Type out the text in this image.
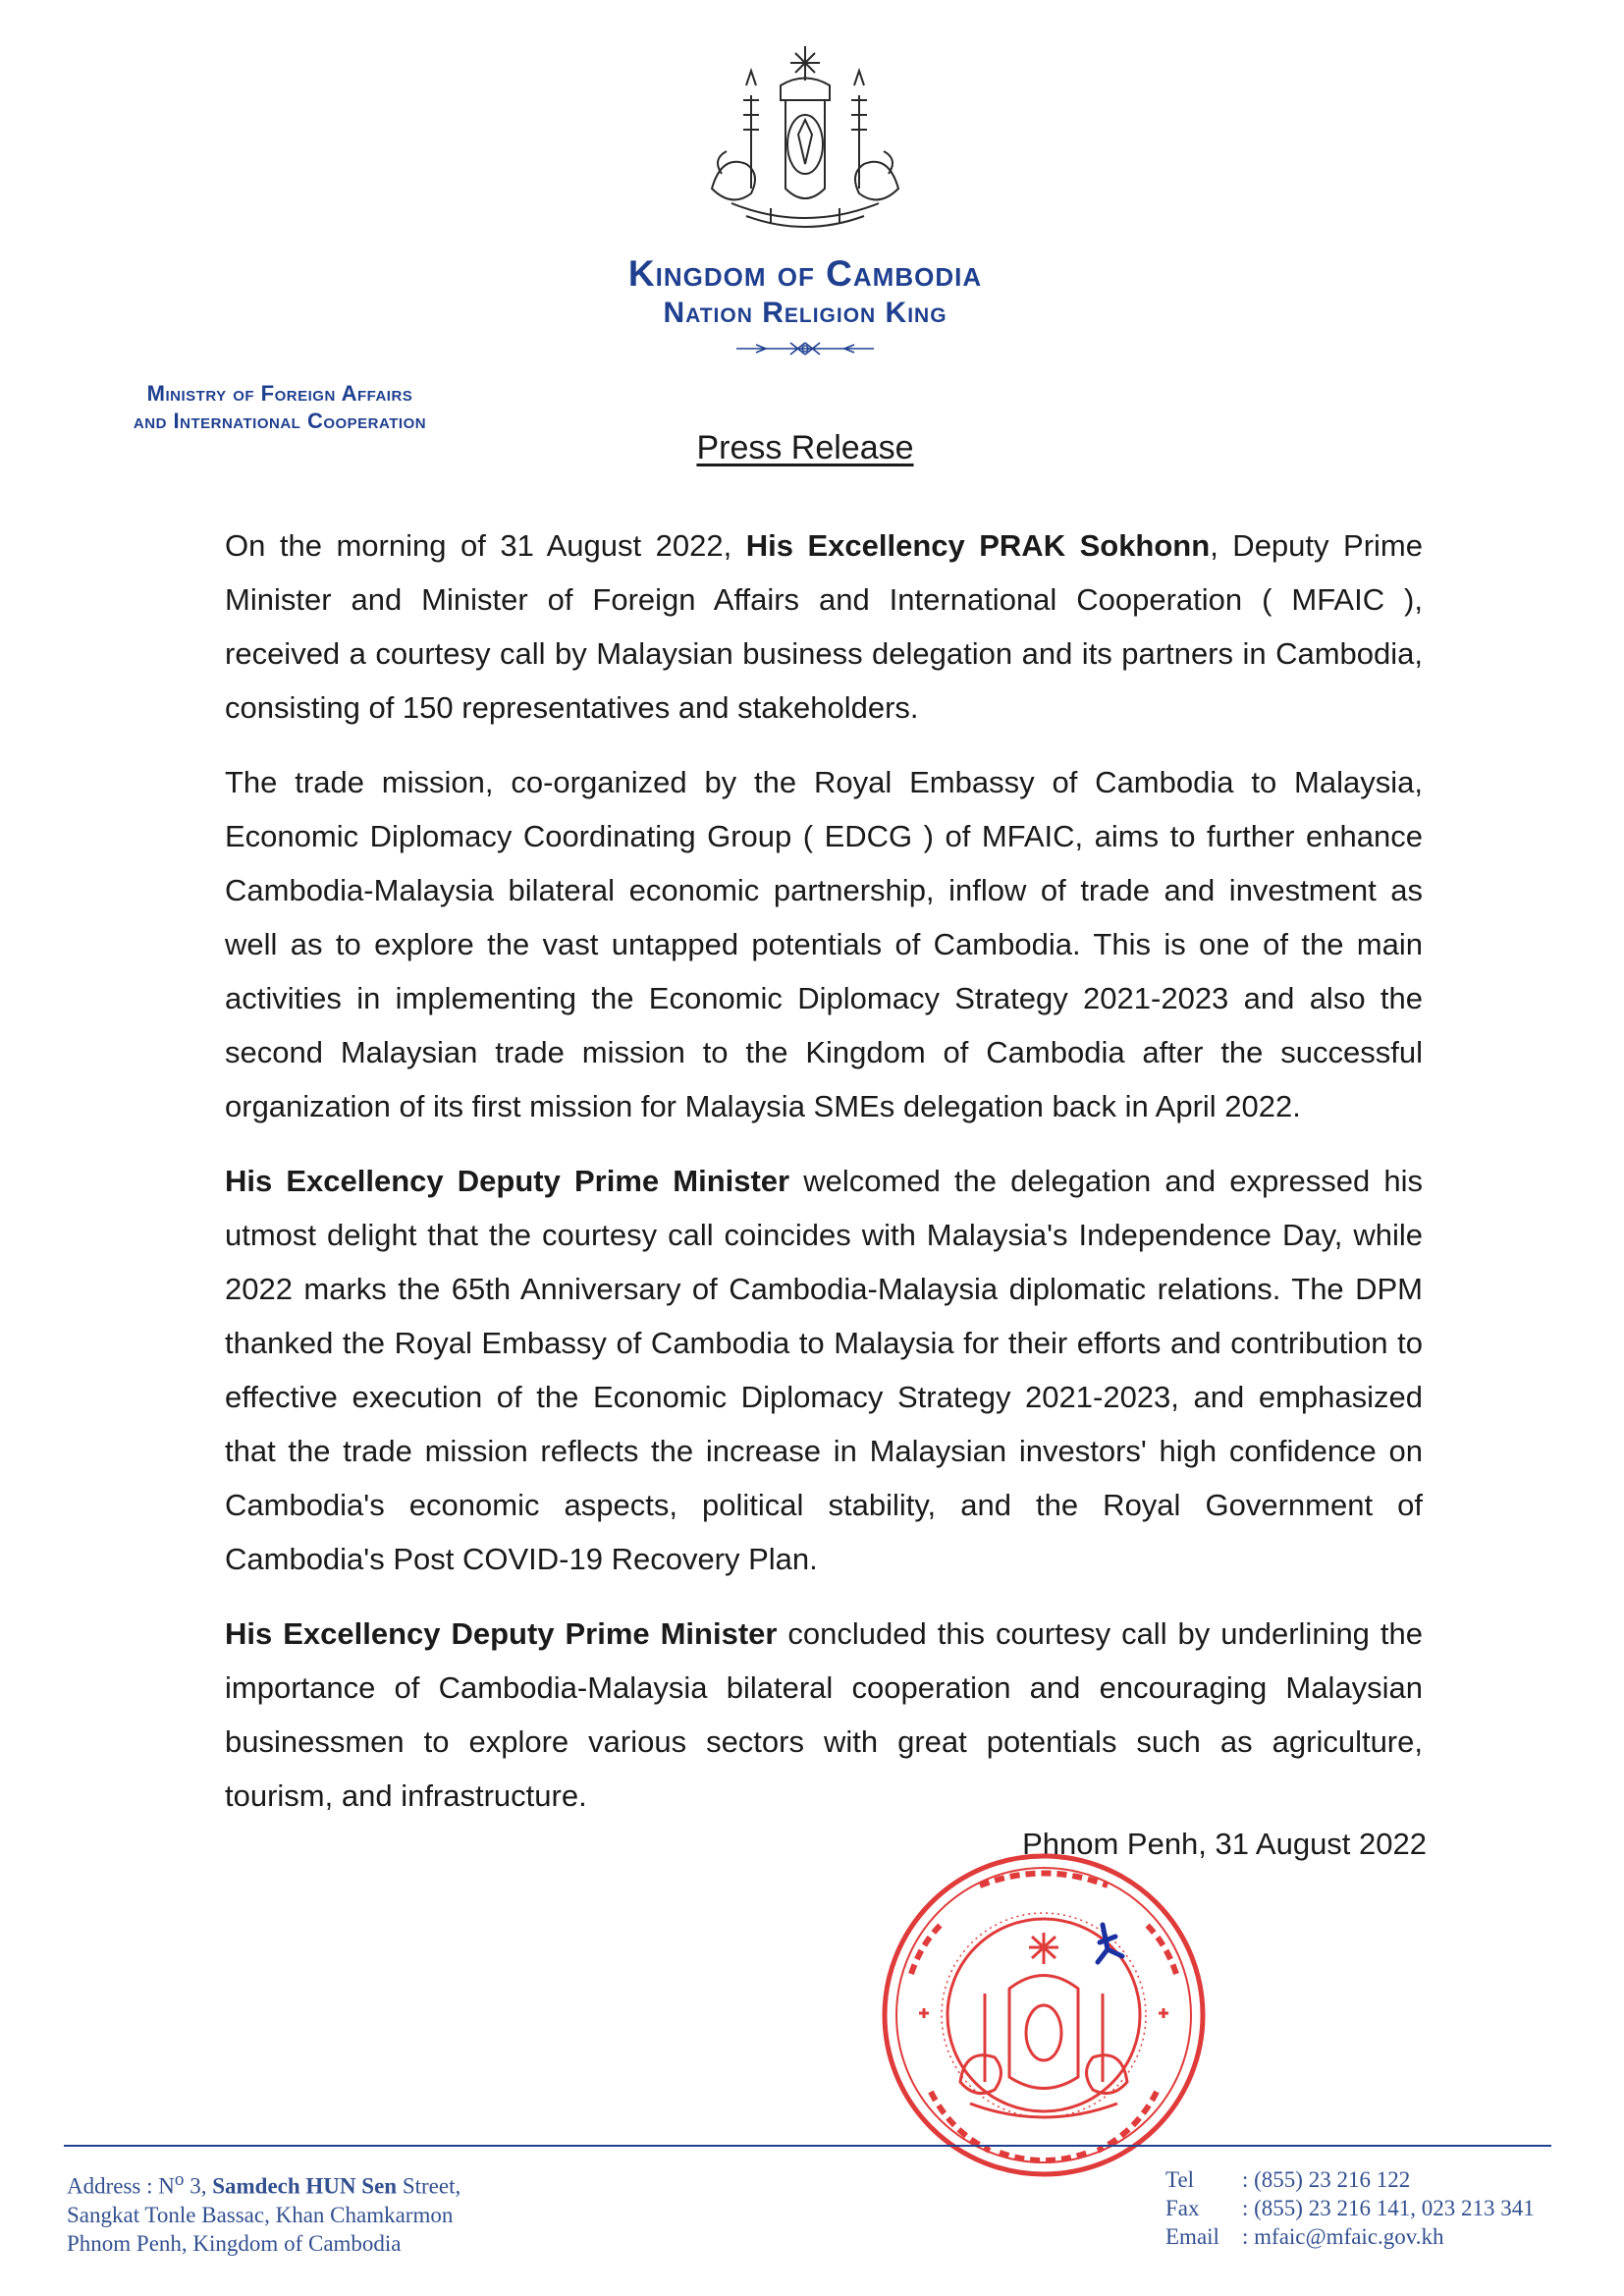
Kingdom of Cambodia
Nation Religion King
Ministry of Foreign Affairs
and International Cooperation
Press Release

On the morning of 31 August 2022, His Excellency PRAK Sokhonn, Deputy Prime Minister and Minister of Foreign Affairs and International Cooperation ( MFAIC ), received a courtesy call by Malaysian business delegation and its partners in Cambodia, consisting of 150 representatives and stakeholders.

The trade mission, co-organized by the Royal Embassy of Cambodia to Malaysia, Economic Diplomacy Coordinating Group ( EDCG ) of MFAIC, aims to further enhance Cambodia-Malaysia bilateral economic partnership, inflow of trade and investment as well as to explore the vast untapped potentials of Cambodia. This is one of the main activities in implementing the Economic Diplomacy Strategy 2021-2023 and also the second Malaysian trade mission to the Kingdom of Cambodia after the successful organization of its first mission for Malaysia SMEs delegation back in April 2022.

His Excellency Deputy Prime Minister welcomed the delegation and expressed his utmost delight that the courtesy call coincides with Malaysia's Independence Day, while 2022 marks the 65th Anniversary of Cambodia-Malaysia diplomatic relations. The DPM thanked the Royal Embassy of Cambodia to Malaysia for their efforts and contribution to effective execution of the Economic Diplomacy Strategy 2021-2023, and emphasized that the trade mission reflects the increase in Malaysian investors' high confidence on Cambodia's economic aspects, political stability, and the Royal Government of Cambodia's Post COVID-19 Recovery Plan.

His Excellency Deputy Prime Minister concluded this courtesy call by underlining the importance of Cambodia-Malaysia bilateral cooperation and encouraging Malaysian businessmen to explore various sectors with great potentials such as agriculture, tourism, and infrastructure.

Phnom Penh, 31 August 2022
Address : $N^o$ 3, Samdech HUN Sen Street,
Sangkat Tonle Bassac, Khan Chamkarmon
Phnom Penh, Kingdom of Cambodia
Tel	: (855) 23 216 122
Fax	: (855) 23 216 141, 023 213 341
Email	: mfaic@mfaic.gov.kh
